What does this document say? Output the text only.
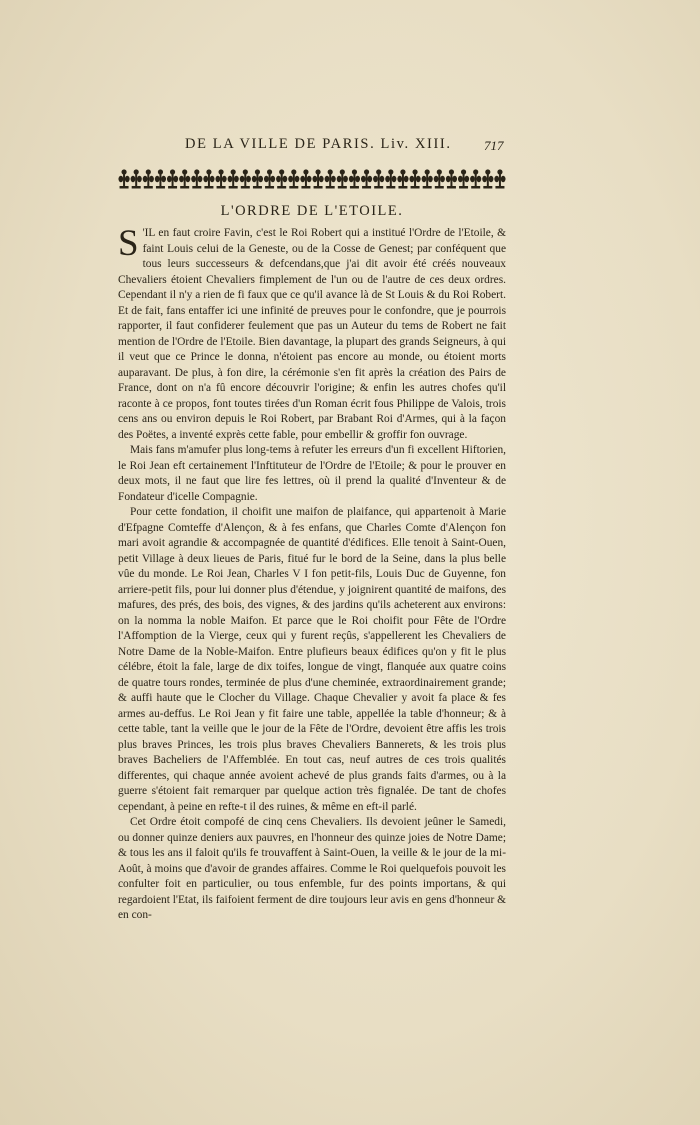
DE LA VILLE DE PARIS. Liv. XIII. 717
L'ORDRE DE L'ETOILE.

S 'IL en faut croire Favin, c'est le Roi Robert qui a institué l'Ordre de l'Etoile, & faint Louis celui de la Geneste, ou de la Cosse de Genest; par conféquent que tous leurs successeurs & defcendans,que j'ai dit avoir été créés nouveaux Chevaliers étoient Chevaliers fimplement de l'un ou de l'autre de ces deux ordres. Cependant il n'y a rien de fi faux que ce qu'il avance là de St Louis & du Roi Robert. Et de fait, fans entaffer ici une infinité de preuves pour le confondre, que je pourrois rapporter, il faut confiderer feulement que pas un Auteur du tems de Robert ne fait mention de l'Ordre de l'Etoile. Bien davantage, la plupart des grands Seigneurs, à qui il veut que ce Prince le donna, n'étoient pas encore au monde, ou étoient morts auparavant. De plus, à fon dire, la cérémonie s'en fit après la création des Pairs de France, dont on n'a fû encore découvrir l'origine; & enfin les autres chofes qu'il raconte à ce propos, font toutes tirées d'un Roman écrit fous Philippe de Valois, trois cens ans ou environ depuis le Roi Robert, par Brabant Roi d'Armes, qui à la façon des Poëtes, a inventé exprès cette fable, pour embellir & groffir fon ouvrage.

Mais fans m'amufer plus long-tems à refuter les erreurs d'un fi excellent Hiftorien, le Roi Jean eft certainement l'Inftituteur de l'Ordre de l'Etoile; & pour le prouver en deux mots, il ne faut que lire fes lettres, où il prend la qualité d'Inventeur & de Fondateur d'icelle Compagnie.

Pour cette fondation, il choifit une maifon de plaifance, qui appartenoit à Marie d'Efpagne Comteffe d'Alençon, & à fes enfans, que Charles Comte d'Alençon fon mari avoit agrandie & accompagnée de quantité d'édifices. Elle tenoit à Saint-Ouen, petit Village à deux lieues de Paris, fitué fur le bord de la Seine, dans la plus belle vûe du monde. Le Roi Jean, Charles V I fon petit-fils, Louis Duc de Guyenne, fon arriere-petit fils, pour lui donner plus d'étendue, y joignirent quantité de maifons, des mafures, des prés, des bois, des vignes, & des jardins qu'ils acheterent aux environs: on la nomma la noble Maifon. Et parce que le Roi choifit pour Fête de l'Ordre l'Affomption de la Vierge, ceux qui y furent reçûs, s'appellerent les Chevaliers de Notre Dame de la Noble-Maifon. Entre plufieurs beaux édifices qu'on y fit le plus célébre, étoit la fale, large de dix toifes, longue de vingt, flanquée aux quatre coins de quatre tours rondes, terminée de plus d'une cheminée, extraordinairement grande; & auffi haute que le Clocher du Village. Chaque Chevalier y avoit fa place & fes armes au-deffus. Le Roi Jean y fit faire une table, appellée la table d'honneur; & à cette table, tant la veille que le jour de la Fête de l'Ordre, devoient être affis les trois plus braves Princes, les trois plus braves Chevaliers Bannerets, & les trois plus braves Bacheliers de l'Affemblée. En tout cas, neuf autres de ces trois qualités differentes, qui chaque année avoient achevé de plus grands faits d'armes, ou à la guerre s'étoient fait remarquer par quelque action très fignalée. De tant de chofes cependant, à peine en refte-t il des ruines, & même en eft-il parlé.

Cet Ordre étoit compofé de cinq cens Chevaliers. Ils devoient jeûner le Samedi, ou donner quinze deniers aux pauvres, en l'honneur des quinze joies de Notre Dame; & tous les ans il faloit qu'ils fe trouvaffent à Saint-Ouen, la veille & le jour de la mi-Août, à moins que d'avoir de grandes affaires. Comme le Roi quelquefois pouvoit les confulter foit en particulier, ou tous enfemble, fur des points importans, & qui regardoient l'Etat, ils faifoient ferment de dire toujours leur avis en gens d'honneur & en con-
